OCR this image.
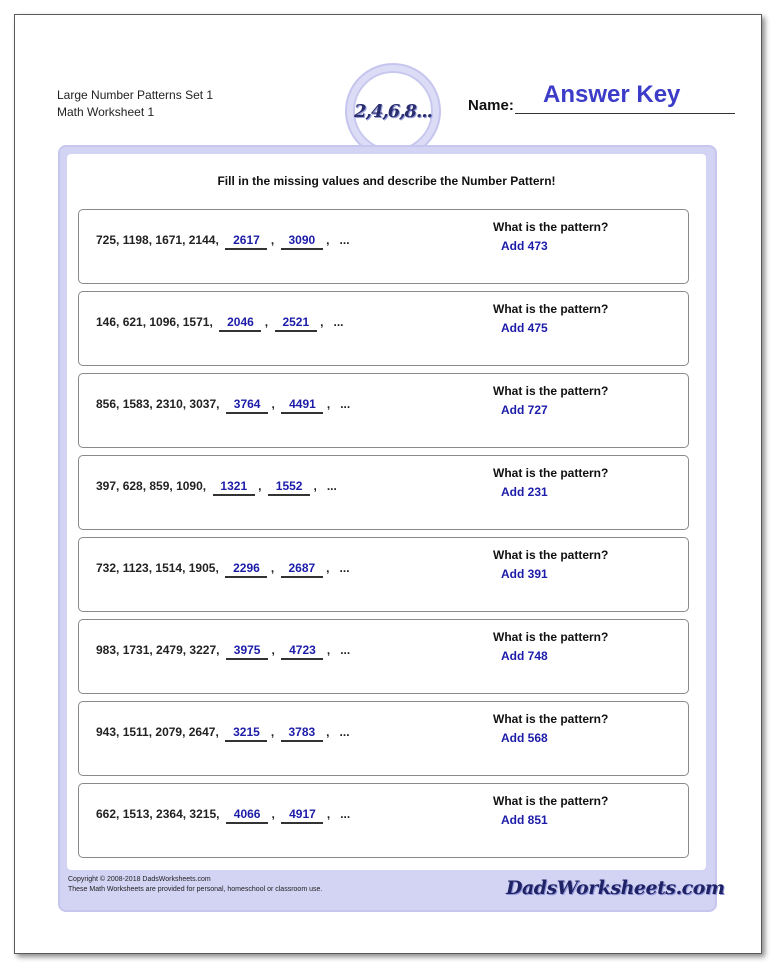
Large Number Patterns Set 1
Math Worksheet 1	2,4,6,8... Name: Answer Key
Fill in the missing values and describe the Number Pattern!
725, 1198, 1671, 2144, 2617 , 3090 , ...
What is the pattern?
Add 473
146, 621, 1096, 1571, 2046 , 2521 , ...
What is the pattern?
Add 475
856, 1583, 2310, 3037, 3764 , 4491 , ...
What is the pattern?
Add 727
397, 628, 859, 1090, 1321 , 1552 , ...
What is the pattern?
Add 231
732, 1123, 1514, 1905, 2296 , 2687 , ...
What is the pattern?
Add 391
983, 1731, 2479, 3227, 3975 , 4723 , ...
What is the pattern?
Add 748
943, 1511, 2079, 2647, 3215 , 3783 , ...
What is the pattern?
Add 568
662, 1513, 2364, 3215, 4066 , 4917 , ...
What is the pattern?
Add 851
Copyright © 2008-2018 DadsWorksheets.com
These Math Worksheets are provided for personal, homeschool or classroom use.	DadsWorksheets.com
